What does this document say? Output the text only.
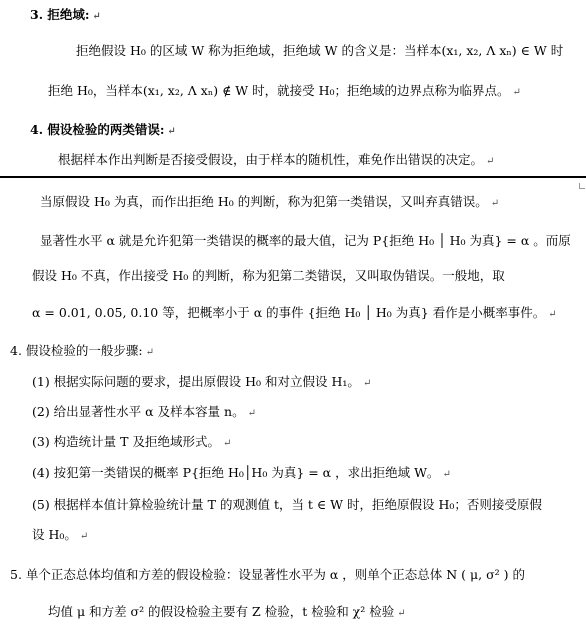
3. 拒绝域: ↵
拒绝假设 H₀ 的区域 W 称为拒绝域，拒绝域 W 的含义是：当样本(x₁, x₂, Λ xₙ) ∈ W 时
拒绝 H₀，当样本(x₁, x₂, Λ xₙ) ∉ W 时，就接受 H₀；拒绝域的边界点称为临界点。 ↵
4. 假设检验的两类错误: ↵
根据样本作出判断是否接受假设，由于样本的随机性，难免作出错误的决定。 ↵
当原假设 H₀ 为真，而作出拒绝 H₀ 的判断，称为犯第一类错误，又叫弃真错误。 ↵
显著性水平 α 就是允许犯第一类错误的概率的最大值，记为 P{拒绝 H₀ │ H₀ 为真} = α 。而原
假设 H₀ 不真，作出接受 H₀ 的判断，称为犯第二类错误，又叫取伪错误。一般地，取
α = 0.01, 0.05, 0.10 等，把概率小于 α 的事件 {拒绝 H₀ │ H₀ 为真} 看作是小概率事件。 ↵
4. 假设检验的一般步骤: ↵
(1) 根据实际问题的要求，提出原假设 H₀ 和对立假设 H₁。 ↵
(2) 给出显著性水平 α 及样本容量 n。 ↵
(3) 构造统计量 T 及拒绝域形式。 ↵
(4) 按犯第一类错误的概率 P{拒绝 H₀│H₀ 为真} = α ，求出拒绝域 W。 ↵
(5) 根据样本值计算检验统计量 T 的观测值 t，当 t ∈ W 时，拒绝原假设 H₀；否则接受原假
设 H₀。 ↵
5. 单个正态总体均值和方差的假设检验：设显著性水平为 α ，则单个正态总体 N ( μ, σ² ) 的
均值 μ 和方差 σ² 的假设检验主要有 Z 检验，t 检验和 χ² 检验 ↵
